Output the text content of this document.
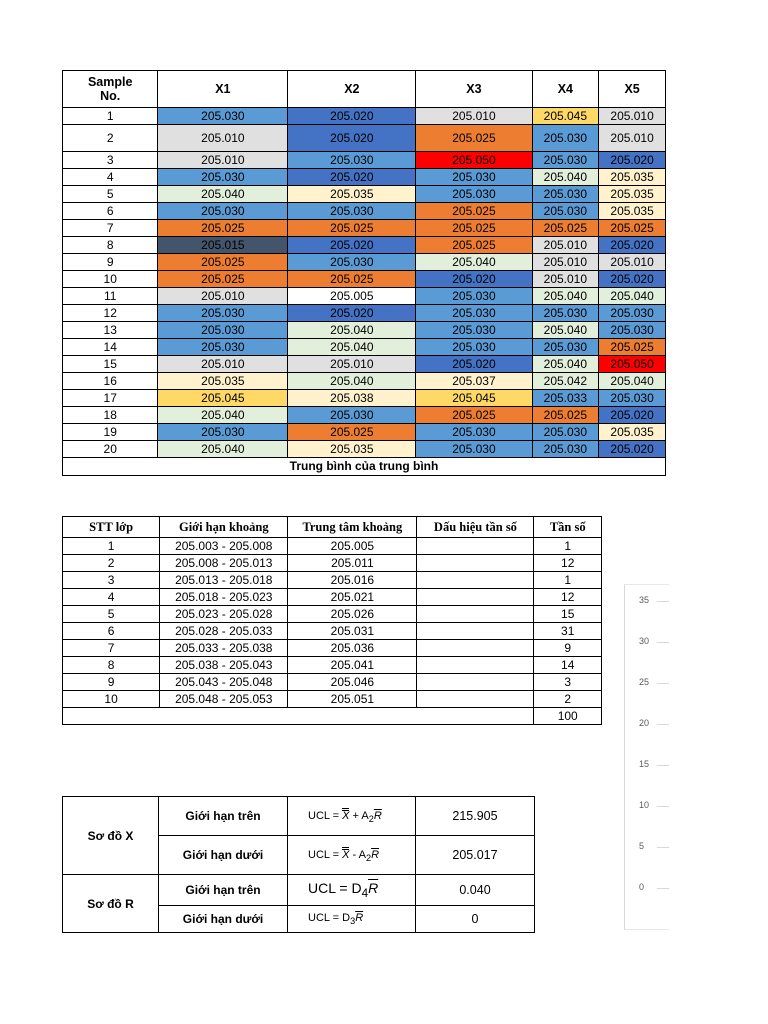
Sample
No.	X1	X2	X3	X4	X5
1	205.030	205.020	205.010	205.045	205.010
2	205.010	205.020	205.025	205.030	205.010
3	205.010	205.030	205.050	205.030	205.020
4	205.030	205.020	205.030	205.040	205.035
5	205.040	205.035	205.030	205.030	205.035
6	205.030	205.030	205.025	205.030	205.035
7	205.025	205.025	205.025	205.025	205.025
8	205.015	205.020	205.025	205.010	205.020
9	205.025	205.030	205.040	205.010	205.010
10	205.025	205.025	205.020	205.010	205.020
11	205.010	205.005	205.030	205.040	205.040
12	205.030	205.020	205.030	205.030	205.030
13	205.030	205.040	205.030	205.040	205.030
14	205.030	205.040	205.030	205.030	205.025
15	205.010	205.010	205.020	205.040	205.050
16	205.035	205.040	205.037	205.042	205.040
17	205.045	205.038	205.045	205.033	205.030
18	205.040	205.030	205.025	205.025	205.020
19	205.030	205.025	205.030	205.030	205.035
20	205.040	205.035	205.030	205.030	205.020
Trung bình của trung bình					
STT lớp	Giới hạn khoảng	Trung tâm khoảng	Dấu hiệu tần số	Tần số
1	205.003 - 205.008	205.005		1
2	205.008 - 205.013	205.011		12
3	205.013 - 205.018	205.016		1
4	205.018 - 205.023	205.021		12
5	205.023 - 205.028	205.026		15
6	205.028 - 205.033	205.031		31
7	205.033 - 205.038	205.036		9
8	205.038 - 205.043	205.041		14
9	205.043 - 205.048	205.046		3
10	205.048 - 205.053	205.051		2
				100
Sơ đồ X	Giới hạn trên	UCL = $X + A_2\overline{R}$	215.905
	Giới hạn dưới	UCL = X - $A_2\overline{R}$	205.017
Sơ đồ R	Giới hạn trên	UCL = $D_4\overline{R}$	0.040
	Giới hạn dưới	UCL = $D_3\overline{R}$	0
35
30
25
20
15
10
5
0
